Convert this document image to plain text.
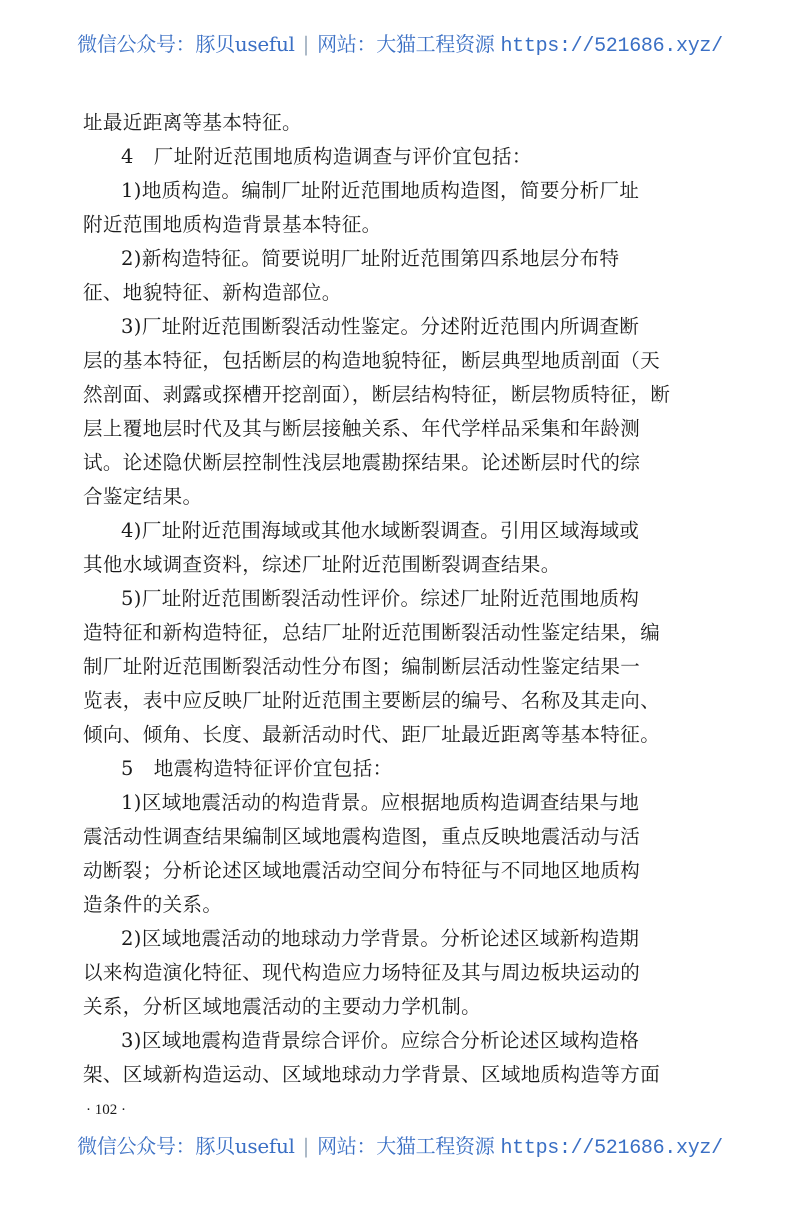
微信公众号：豚贝useful | 网站：大猫工程资源 https://521686.xyz/
址最近距离等基本特征。
4　厂址附近范围地质构造调查与评价宜包括：
1)地质构造。编制厂址附近范围地质构造图，简要分析厂址
附近范围地质构造背景基本特征。
2)新构造特征。简要说明厂址附近范围第四系地层分布特
征、地貌特征、新构造部位。
3)厂址附近范围断裂活动性鉴定。分述附近范围内所调查断
层的基本特征，包括断层的构造地貌特征，断层典型地质剖面（天
然剖面、剥露或探槽开挖剖面），断层结构特征，断层物质特征，断
层上覆地层时代及其与断层接触关系、年代学样品采集和年龄测
试。论述隐伏断层控制性浅层地震勘探结果。论述断层时代的综
合鉴定结果。
4)厂址附近范围海域或其他水域断裂调查。引用区域海域或
其他水域调查资料，综述厂址附近范围断裂调查结果。
5)厂址附近范围断裂活动性评价。综述厂址附近范围地质构
造特征和新构造特征，总结厂址附近范围断裂活动性鉴定结果，编
制厂址附近范围断裂活动性分布图；编制断层活动性鉴定结果一
览表，表中应反映厂址附近范围主要断层的编号、名称及其走向、
倾向、倾角、长度、最新活动时代、距厂址最近距离等基本特征。
5　地震构造特征评价宜包括：
1)区域地震活动的构造背景。应根据地质构造调查结果与地
震活动性调查结果编制区域地震构造图，重点反映地震活动与活
动断裂；分析论述区域地震活动空间分布特征与不同地区地质构
造条件的关系。
2)区域地震活动的地球动力学背景。分析论述区域新构造期
以来构造演化特征、现代构造应力场特征及其与周边板块运动的
关系，分析区域地震活动的主要动力学机制。
3)区域地震构造背景综合评价。应综合分析论述区域构造格
架、区域新构造运动、区域地球动力学背景、区域地质构造等方面
· 102 ·
微信公众号：豚贝useful | 网站：大猫工程资源 https://521686.xyz/
